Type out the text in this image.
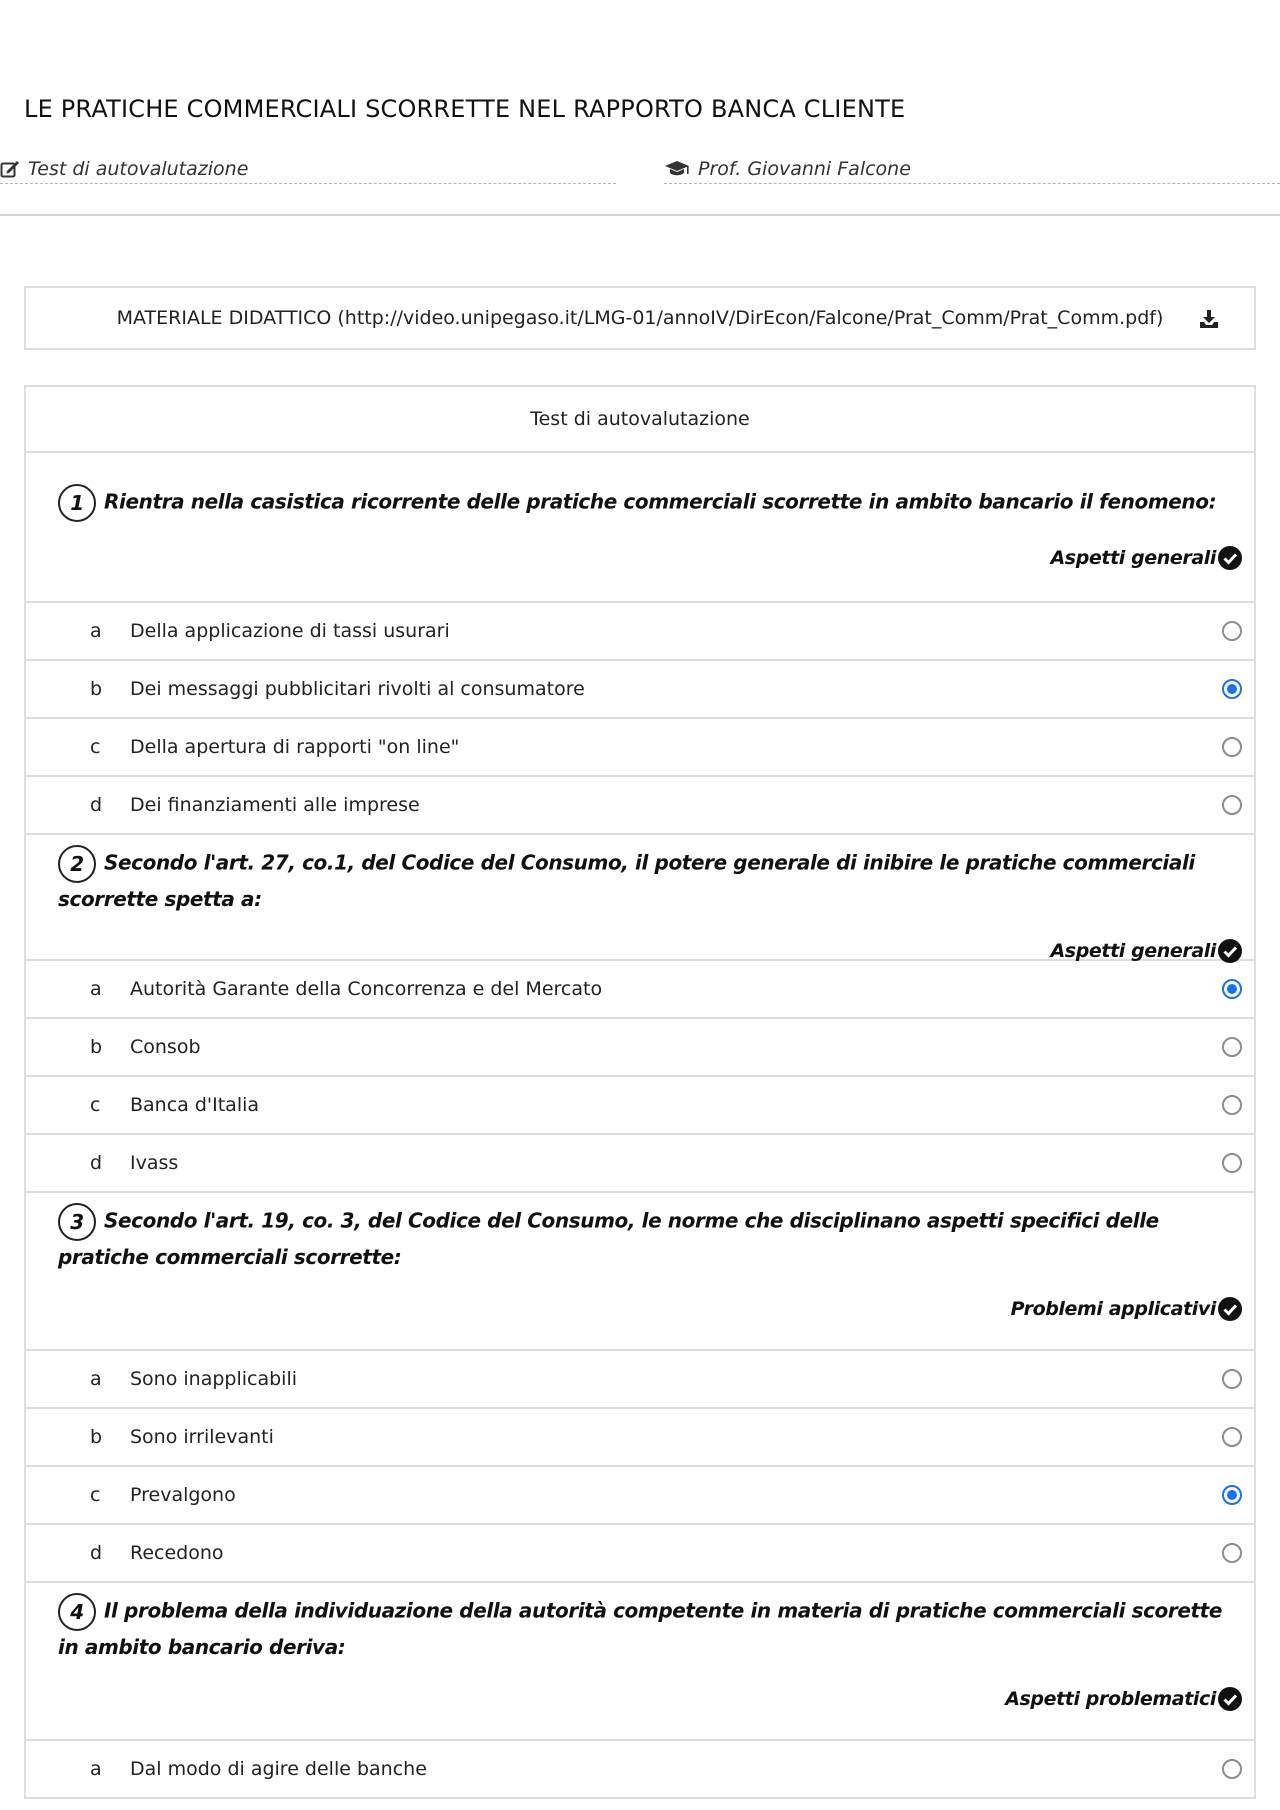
LE PRATICHE COMMERCIALI SCORRETTE NEL RAPPORTO BANCA CLIENTE
Test di autovalutazione	Prof. Giovanni Falcone
MATERIALE DIDATTICO (http://video.unipegaso.it/LMG-01/annoIV/DirEcon/Falcone/Prat_Comm/Prat_Comm.pdf)
Test di autovalutazione
1 Rientra nella casistica ricorrente delle pratiche commerciali scorrette in ambito bancario il fenomeno:
Aspetti generali
a	Della applicazione di tassi usurari
b	Dei messaggi pubblicitari rivolti al consumatore
c	Della apertura di rapporti "on line"
d	Dei finanziamenti alle imprese
2 Secondo l'art. 27, co.1, del Codice del Consumo, il potere generale di inibire le pratiche commerciali scorrette spetta a:
Aspetti generali
a	Autorità Garante della Concorrenza e del Mercato
b	Consob
c	Banca d'Italia
d	Ivass
3 Secondo l'art. 19, co. 3, del Codice del Consumo, le norme che disciplinano aspetti specifici delle pratiche commerciali scorrette:
Problemi applicativi
a	Sono inapplicabili
b	Sono irrilevanti
c	Prevalgono
d	Recedono
4 Il problema della individuazione della autorità competente in materia di pratiche commerciali scorette in ambito bancario deriva:
Aspetti problematici
a	Dal modo di agire delle banche
